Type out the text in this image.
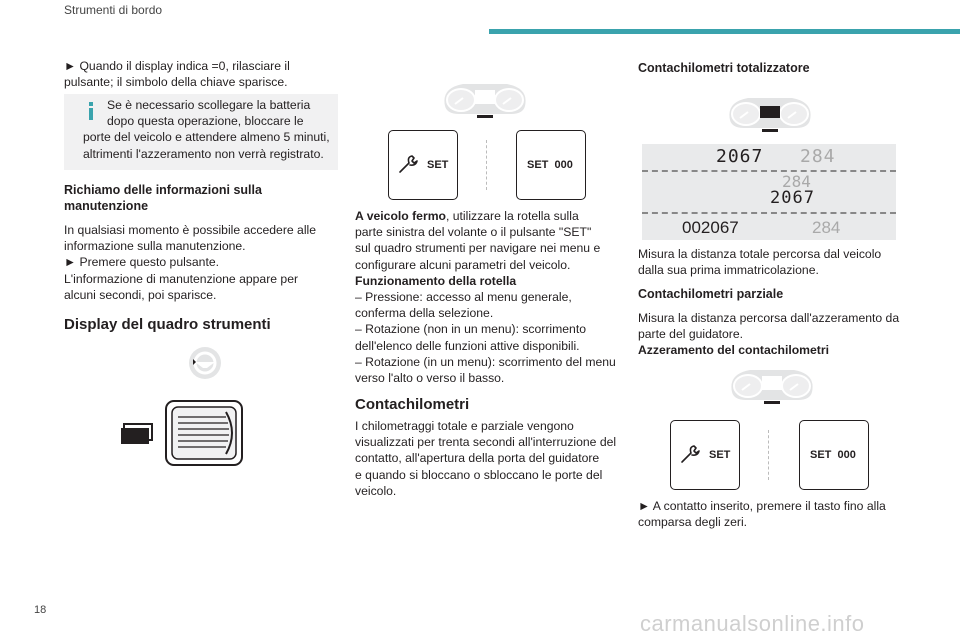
Strumenti di bordo
► Quando il display indica =0, rilasciare il
pulsante; il simbolo della chiave sparisce.
Se è necessario scollegare la batteria
dopo questa operazione, bloccare le
porte del veicolo e attendere almeno 5 minuti,
altrimenti l'azzeramento non verrà registrato.
Richiamo delle informazioni sulla
manutenzione
In qualsiasi momento è possibile accedere alle
informazione sulla manutenzione.
► Premere questo pulsante.
L'informazione di manutenzione appare per
alcuni secondi, poi sparisce.
Display del quadro strumenti
SET	SET  000
A veicolo fermo, utilizzare la rotella sulla
parte sinistra del volante o il pulsante "SET"
sul quadro strumenti per navigare nei menu e
configurare alcuni parametri del veicolo.
Funzionamento della rotella
– Pressione: accesso al menu generale,
conferma della selezione.
– Rotazione (non in un menu): scorrimento
dell'elenco delle funzioni attive disponibili.
– Rotazione (in un menu): scorrimento del menu
verso l'alto o verso il basso.
Contachilometri
I chilometraggi totale e parziale vengono
visualizzati per trenta secondi all'interruzione del
contatto, all'apertura della porta del guidatore
e quando si bloccano o sbloccano le porte del
veicolo.
Contachilometri totalizzatore
2067 284
284
2067
002067	284
Misura la distanza totale percorsa dal veicolo
dalla sua prima immatricolazione.
Contachilometri parziale
Misura la distanza percorsa dall'azzeramento da
parte del guidatore.
Azzeramento del contachilometri
SET	SET  000
► A contatto inserito, premere il tasto fino alla
comparsa degli zeri.
18
carmanualsonline.info
